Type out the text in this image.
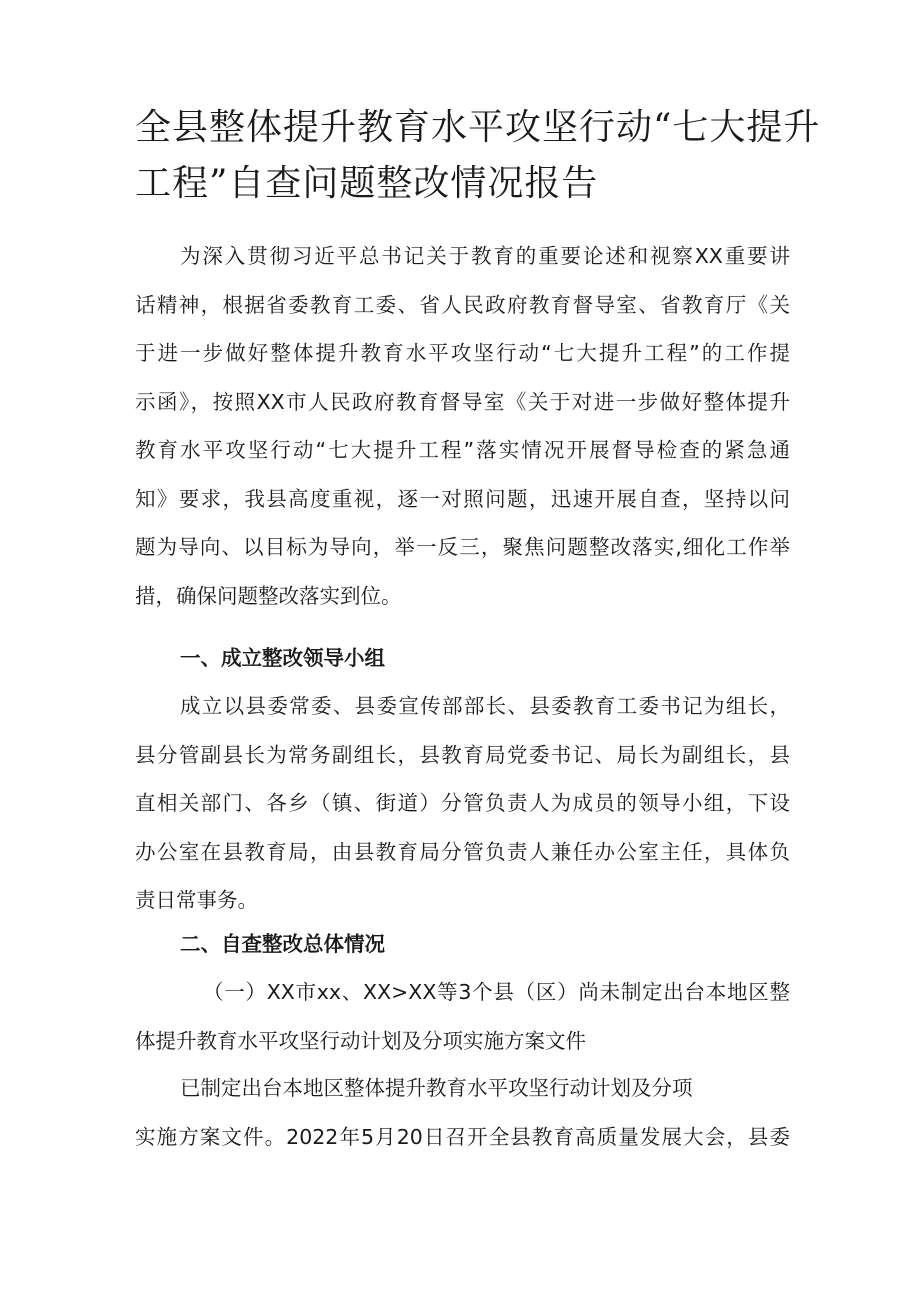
全县整体提升教育水平攻坚行动“七大提升
工程”自查问题整改情况报告
为深入贯彻习近平总书记关于教育的重要论述和视察XX重要讲
话精神，根据省委教育工委、省人民政府教育督导室、省教育厅《关
于进一步做好整体提升教育水平攻坚行动“七大提升工程”的工作提
示函》，按照XX市人民政府教育督导室《关于对进一步做好整体提升
教育水平攻坚行动“七大提升工程”落实情况开展督导检查的紧急通
知》要求，我县高度重视，逐一对照问题，迅速开展自查，坚持以问
题为导向、以目标为导向，举一反三，聚焦问题整改落实,细化工作举
措，确保问题整改落实到位。
一、成立整改领导小组
成立以县委常委、县委宣传部部长、县委教育工委书记为组长，
县分管副县长为常务副组长，县教育局党委书记、局长为副组长，县
直相关部门、各乡（镇、街道）分管负责人为成员的领导小组，下设
办公室在县教育局，由县教育局分管负责人兼任办公室主任，具体负
责日常事务。
二、自查整改总体情况
（一）XX市xx、XX>XX等3个县（区）尚未制定出台本地区整
体提升教育水平攻坚行动计划及分项实施方案文件
已制定出台本地区整体提升教育水平攻坚行动计划及分项
实施方案文件。2022年5月20日召开全县教育高质量发展大会，县委
